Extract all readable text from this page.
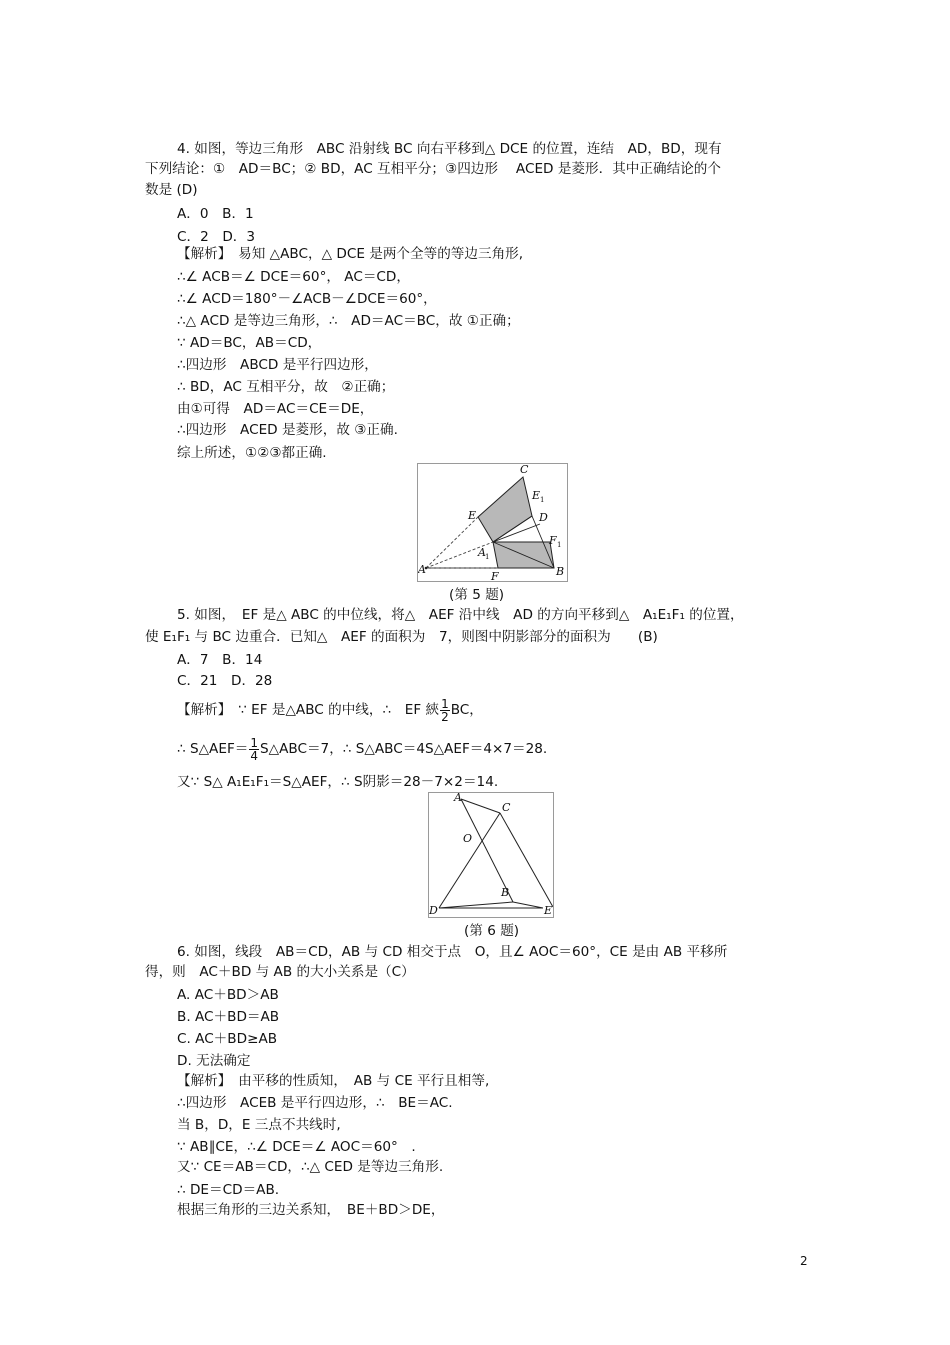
4. 如图，等边三角形　ABC 沿射线 BC 向右平移到△ DCE 的位置，连结　AD，BD，现有
下列结论：①　AD＝BC；② BD，AC 互相平分；③四边形　 ACED 是菱形．其中正确结论的个
数是 (D)
A．0　B．1
C．2　D．3
【解析】　易知 △ABC，△ DCE 是两个全等的等边三角形,
∴∠ ACB＝∠ DCE＝60°， AC＝CD，
∴∠ ACD＝180°－∠ACB－∠DCE＝60°，
∴△ ACD 是等边三角形，∴　AD＝AC＝BC，故 ①正确；
∵ AD＝BC，AB＝CD，
∴四边形　ABCD 是平行四边形，
∴ BD，AC 互相平分，故　②正确；
由①可得　AD＝AC＝CE＝DE，
∴四边形　ACED 是菱形，故 ③正确.
综上所述，①②③都正确.
A	B
C
D
E
F
E 1
F 1
A 1
(第 5 题)
5. 如图，　EF 是△ ABC 的中位线，将△　AEF 沿中线　AD 的方向平移到△　A₁E₁F₁ 的位置，
使 E₁F₁ 与 BC 边重合．已知△　AEF 的面积为　7，则图中阴影部分的面积为　　(B)
A．7　B．14
C．21　D．28
【解析】　∵ EF 是△ABC 的中线，∴　EF 綊 $\frac{1}{2}$ BC，
∴ S△AEF＝ $\frac{1}{4}$ S△ABC＝7，∴ S△ABC＝4S△AEF＝4×7＝28.
又∵ S△ A₁E₁F₁＝S△AEF，∴ S阴影＝28－7×2＝14.
A
C
O
B
D	E
(第 6 题)
6. 如图，线段　AB＝CD，AB 与 CD 相交于点　O，且∠ AOC＝60°，CE 是由 AB 平移所
得，则　AC＋BD 与 AB 的大小关系是（C）
A. AC＋BD＞AB
B. AC＋BD＝AB
C. AC＋BD≥AB
D. 无法确定
【解析】　由平移的性质知，　AB 与 CE 平行且相等,
∴四边形　ACEB 是平行四边形，∴　BE＝AC.
当 B，D，E 三点不共线时,
∵ AB∥CE，∴∠ DCE＝∠ AOC＝60°　.
又∵ CE＝AB＝CD，∴△ CED 是等边三角形.
∴ DE＝CD＝AB.
根据三角形的三边关系知，　BE＋BD＞DE，
2
